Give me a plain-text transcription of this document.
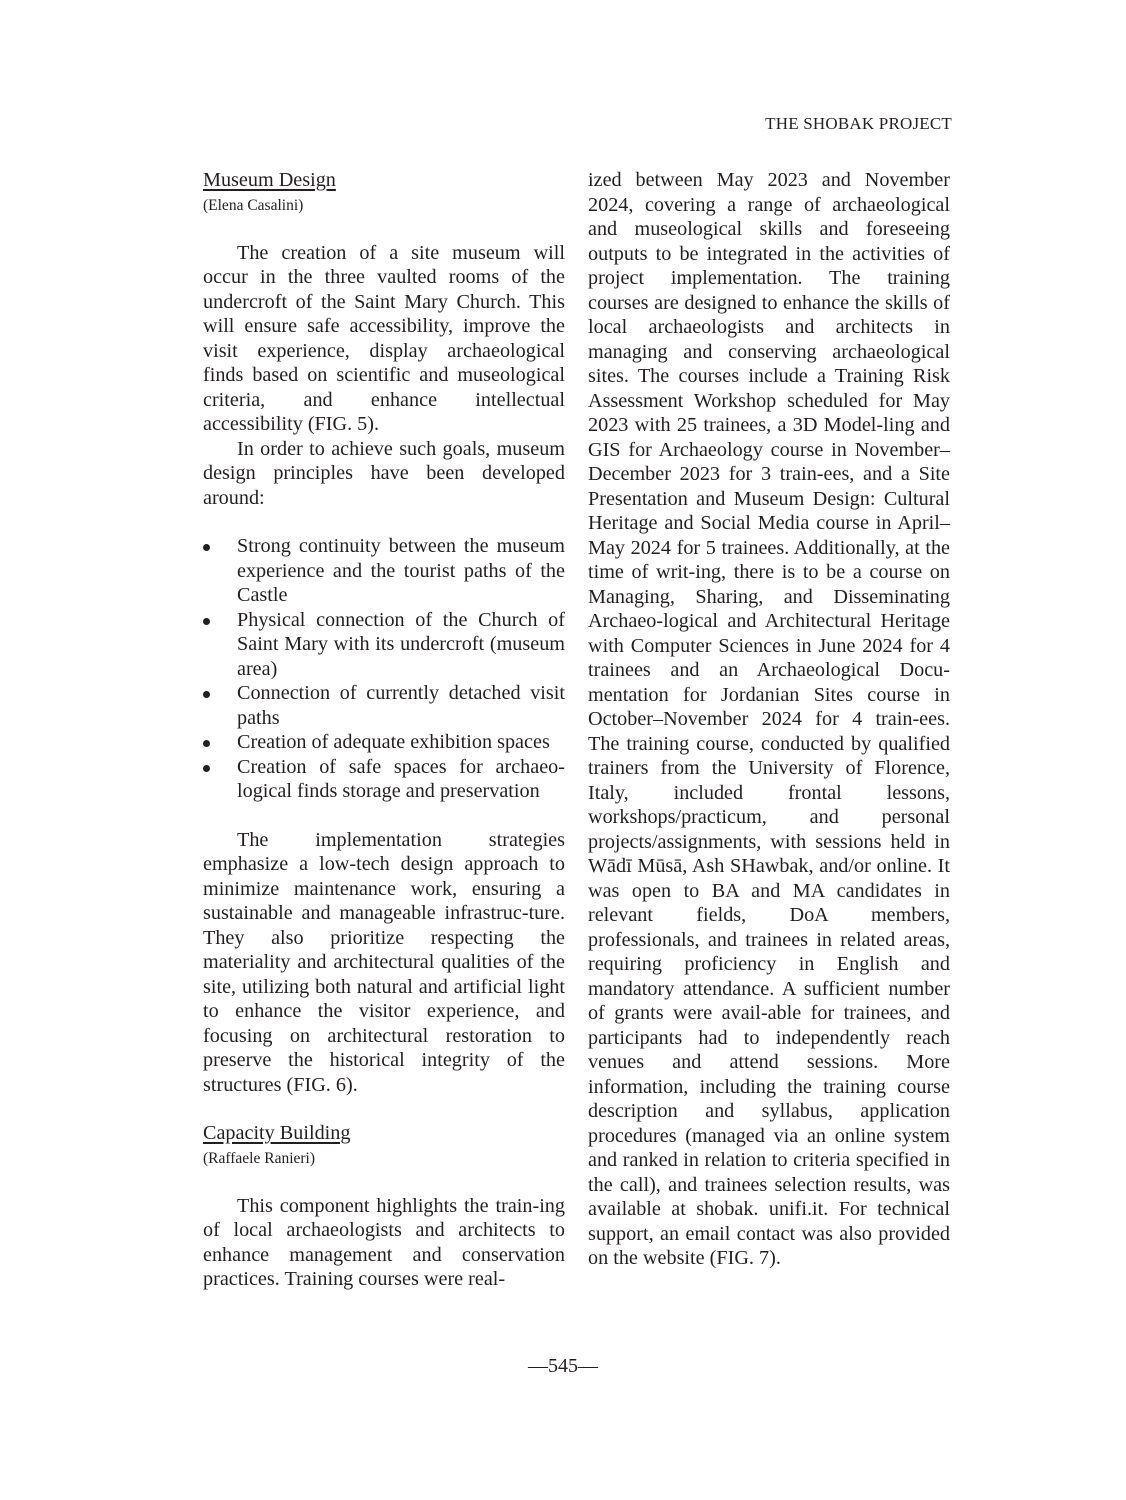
THE SHOBAK PROJECT

Museum Design

(Elena Casalini)

The creation of a site museum will occur in the three vaulted rooms of the undercroft of the Saint Mary Church. This will ensure safe accessibility, improve the visit experience, display archaeological finds based on scientific and museological criteria, and enhance intellectual accessibility (FIG. 5).

In order to achieve such goals, museum design principles have been developed around:

Strong continuity between the museum experience and the tourist paths of the Castle
Physical connection of the Church of Saint Mary with its undercroft (museum area)
Connection of currently detached visit paths
Creation of adequate exhibition spaces
Creation of safe spaces for archaeo-logical finds storage and preservation

The implementation strategies emphasize a low-tech design approach to minimize maintenance work, ensuring a sustainable and manageable infrastruc-ture. They also prioritize respecting the materiality and architectural qualities of the site, utilizing both natural and artificial light to enhance the visitor experience, and focusing on architectural restoration to preserve the historical integrity of the structures (FIG. 6).

Capacity Building

(Raffaele Ranieri)

This component highlights the train-ing of local archaeologists and architects to enhance management and conservation practices. Training courses were real-

ized between May 2023 and November 2024, covering a range of archaeological and museological skills and foreseeing outputs to be integrated in the activities of project implementation. The training courses are designed to enhance the skills of local archaeologists and architects in managing and conserving archaeological sites. The courses include a Training Risk Assessment Workshop scheduled for May 2023 with 25 trainees, a 3D Model-ling and GIS for Archaeology course in November–December 2023 for 3 train-ees, and a Site Presentation and Museum Design: Cultural Heritage and Social Media course in April–May 2024 for 5 trainees. Additionally, at the time of writ-ing, there is to be a course on Managing, Sharing, and Disseminating Archaeo-logical and Architectural Heritage with Computer Sciences in June 2024 for 4 trainees and an Archaeological Docu-mentation for Jordanian Sites course in October–November 2024 for 4 train-ees. The training course, conducted by qualified trainers from the University of Florence, Italy, included frontal lessons, workshops/practicum, and personal projects/assignments, with sessions held in Wādī Mūsā, Ash SHawbak, and/or online. It was open to BA and MA candidates in relevant fields, DoA members, professionals, and trainees in related areas, requiring proficiency in English and mandatory attendance. A sufficient number of grants were avail-able for trainees, and participants had to independently reach venues and attend sessions. More information, including the training course description and syllabus, application procedures (managed via an online system and ranked in relation to criteria specified in the call), and trainees selection results, was available at shobak. unifi.it. For technical support, an email contact was also provided on the website (FIG. 7).

—545—
